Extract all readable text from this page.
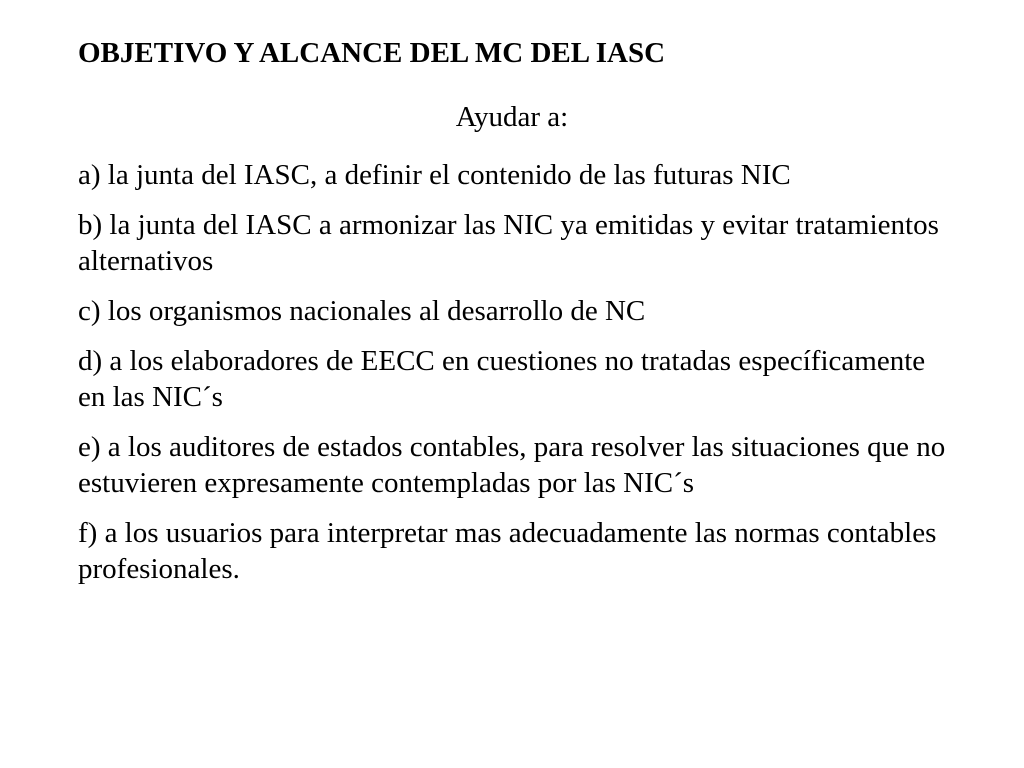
OBJETIVO Y ALCANCE DEL MC DEL IASC

Ayudar a:

a) la junta del IASC, a definir el contenido de las futuras NIC
b) la junta del IASC a armonizar las NIC ya emitidas y evitar tratamientos alternativos
c) los organismos nacionales al desarrollo de NC
d) a los elaboradores de EECC en cuestiones no tratadas específicamente en las NIC´s
e) a los auditores de estados contables, para resolver las situaciones que no estuvieren expresamente contempladas por las NIC´s
f) a los usuarios para interpretar mas adecuadamente las normas contables profesionales.
